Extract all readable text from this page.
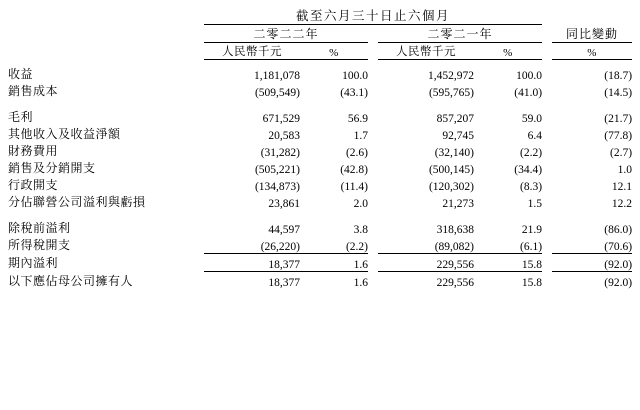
	截至六月三十日止六個月						

	二零二二年			二零二一年			同比變動

	人民幣千元	%		人民幣千元	%		%

收益	1,181,078	100.0		1,452,972	100.0		(18.7)
銷售成本	(509,549)	(43.1)		(595,765)	(41.0)		(14.5)

毛利	671,529	56.9		857,207	59.0		(21.7)
其他收入及收益淨額	20,583	1.7		92,745	6.4		(77.8)
財務費用	(31,282)	(2.6)		(32,140)	(2.2)		(2.7)
銷售及分銷開支	(505,221)	(42.8)		(500,145)	(34.4)		1.0
行政開支	(134,873)	(11.4)		(120,302)	(8.3)		12.1
分佔聯營公司溢利與虧損	23,861	2.0		21,273	1.5		12.2

除稅前溢利	44,597	3.8		318,638	21.9		(86.0)
所得稅開支	(26,220)	(2.2)		(89,082)	(6.1)		(70.6)

期內溢利	18,377	1.6		229,556	15.8		(92.0)

以下應佔母公司擁有人	18,377	1.6		229,556	15.8		(92.0)
